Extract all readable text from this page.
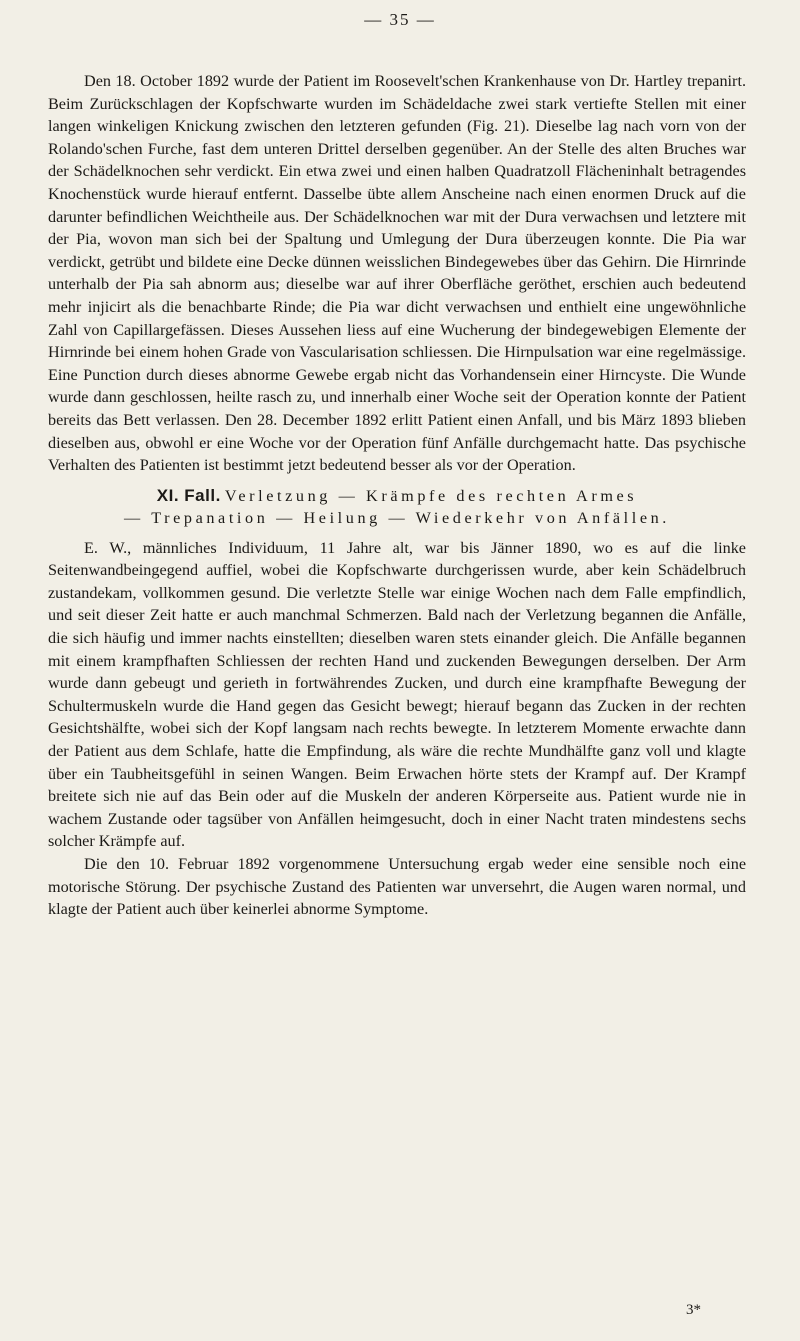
— 35 —

Den 18. October 1892 wurde der Patient im Roosevelt'schen Krankenhause von Dr. Hartley trepanirt. Beim Zurückschlagen der Kopfschwarte wurden im Schädeldache zwei stark vertiefte Stellen mit einer langen winkeligen Knickung zwischen den letzteren gefunden (Fig. 21). Dieselbe lag nach vorn von der Rolando'schen Furche, fast dem unteren Drittel derselben gegenüber. An der Stelle des alten Bruches war der Schädelknochen sehr verdickt. Ein etwa zwei und einen halben Quadratzoll Flächeninhalt betragendes Knochenstück wurde hierauf entfernt. Dasselbe übte allem Anscheine nach einen enormen Druck auf die darunter befindlichen Weichtheile aus. Der Schädelknochen war mit der Dura verwachsen und letztere mit der Pia, wovon man sich bei der Spaltung und Umlegung der Dura überzeugen konnte. Die Pia war verdickt, getrübt und bildete eine Decke dünnen weisslichen Bindegewebes über das Gehirn. Die Hirnrinde unterhalb der Pia sah abnorm aus; dieselbe war auf ihrer Oberfläche geröthet, erschien auch bedeutend mehr injicirt als die benachbarte Rinde; die Pia war dicht verwachsen und enthielt eine ungewöhnliche Zahl von Capillargefässen. Dieses Aussehen liess auf eine Wucherung der bindegewebigen Elemente der Hirnrinde bei einem hohen Grade von Vascularisation schliessen. Die Hirnpulsation war eine regelmässige. Eine Punction durch dieses abnorme Gewebe ergab nicht das Vorhandensein einer Hirncyste. Die Wunde wurde dann geschlossen, heilte rasch zu, und innerhalb einer Woche seit der Operation konnte der Patient bereits das Bett verlassen. Den 28. December 1892 erlitt Patient einen Anfall, und bis März 1893 blieben dieselben aus, obwohl er eine Woche vor der Operation fünf Anfälle durchgemacht hatte. Das psychische Verhalten des Patienten ist bestimmt jetzt bedeutend besser als vor der Operation.

XI. Fall. Verletzung — Krämpfe des rechten Armes
— Trepanation — Heilung — Wiederkehr von Anfällen.

E. W., männliches Individuum, 11 Jahre alt, war bis Jänner 1890, wo es auf die linke Seitenwandbeingegend auffiel, wobei die Kopfschwarte durchgerissen wurde, aber kein Schädelbruch zustandekam, vollkommen gesund. Die verletzte Stelle war einige Wochen nach dem Falle empfindlich, und seit dieser Zeit hatte er auch manchmal Schmerzen. Bald nach der Verletzung begannen die Anfälle, die sich häufig und immer nachts einstellten; dieselben waren stets einander gleich. Die Anfälle begannen mit einem krampfhaften Schliessen der rechten Hand und zuckenden Bewegungen derselben. Der Arm wurde dann gebeugt und gerieth in fortwährendes Zucken, und durch eine krampfhafte Bewegung der Schultermuskeln wurde die Hand gegen das Gesicht bewegt; hierauf begann das Zucken in der rechten Gesichtshälfte, wobei sich der Kopf langsam nach rechts bewegte. In letzterem Momente erwachte dann der Patient aus dem Schlafe, hatte die Empfindung, als wäre die rechte Mundhälfte ganz voll und klagte über ein Taubheitsgefühl in seinen Wangen. Beim Erwachen hörte stets der Krampf auf. Der Krampf breitete sich nie auf das Bein oder auf die Muskeln der anderen Körperseite aus. Patient wurde nie in wachem Zustande oder tagsüber von Anfällen heimgesucht, doch in einer Nacht traten mindestens sechs solcher Krämpfe auf.

Die den 10. Februar 1892 vorgenommene Untersuchung ergab weder eine sensible noch eine motorische Störung. Der psychische Zustand des Patienten war unversehrt, die Augen waren normal, und klagte der Patient auch über keinerlei abnorme Symptome.

3*
